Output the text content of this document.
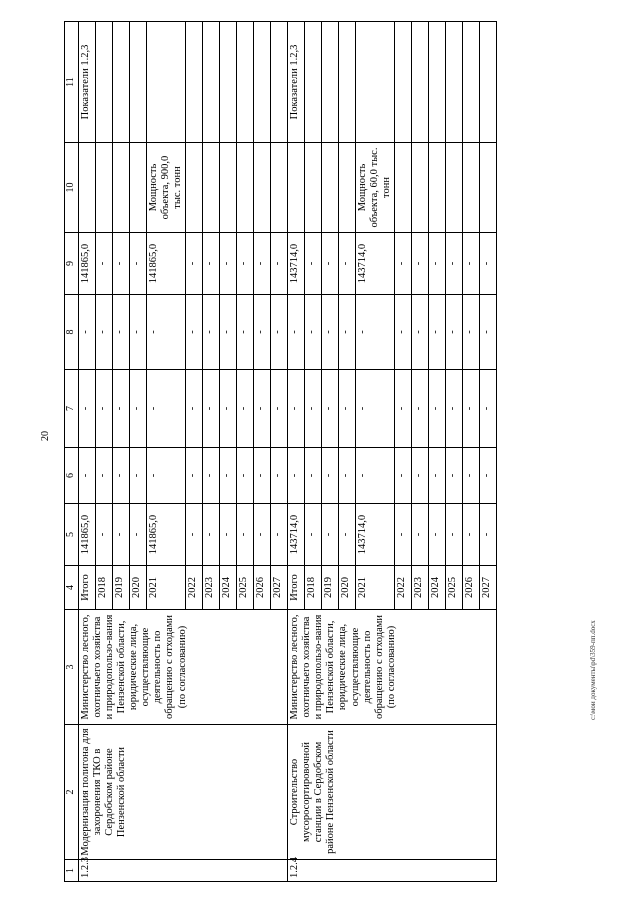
20
1	2	3	4	5	6	7	8	9	10	11
1.2.3	Модернизация полигона для захоронения ТКО в Сердобском районе Пензенской области	Министерство лесного, охотничьего хозяйства и природопользо-вания Пензенской области, юридические лица, осуществляющие деятельность по обращению с отходами (по согласованию)	Итого	141865,0	-	-	-	141865,0		Показатели 1.2,3
			2018	-	-	-	-	-		
			2019	-	-	-	-	-		
			2020	-	-	-	-	-		
			2021	141865,0	-	-	-	141865,0	Мощность объекта, 900,0 тыс. тонн	
			2022	-	-	-	-	-		
			2023	-	-	-	-	-		
			2024	-	-	-	-	-		
			2025	-	-	-	-	-		
			2026	-	-	-	-	-		
			2027	-	-	-	-	-		
1.2.4	Строительство мусоросортировочной станции в Сердобском районе Пензенской области	Министерство лесного, охотничьего хозяйства и природопользо-вания Пензенской области, юридические лица, осуществляющие деятельность по обращению с отходами (по согласованию)	Итого	143714,0	-	-	-	143714,0		Показатели 1.2,3
			2018	-	-	-	-	-		
			2019	-	-	-	-	-		
			2020	-	-	-	-	-		
			2021	143714,0	-	-	-	143714,0	Мощность объекта, 60,0 тыс. тонн	
			2022	-	-	-	-	-		
			2023	-	-	-	-	-		
			2024	-	-	-	-	-		
			2025	-	-	-	-	-		
			2026	-	-	-	-	-		
			2027	-	-	-	-	-		
c:\мои документы\pd\359-пп.docx
